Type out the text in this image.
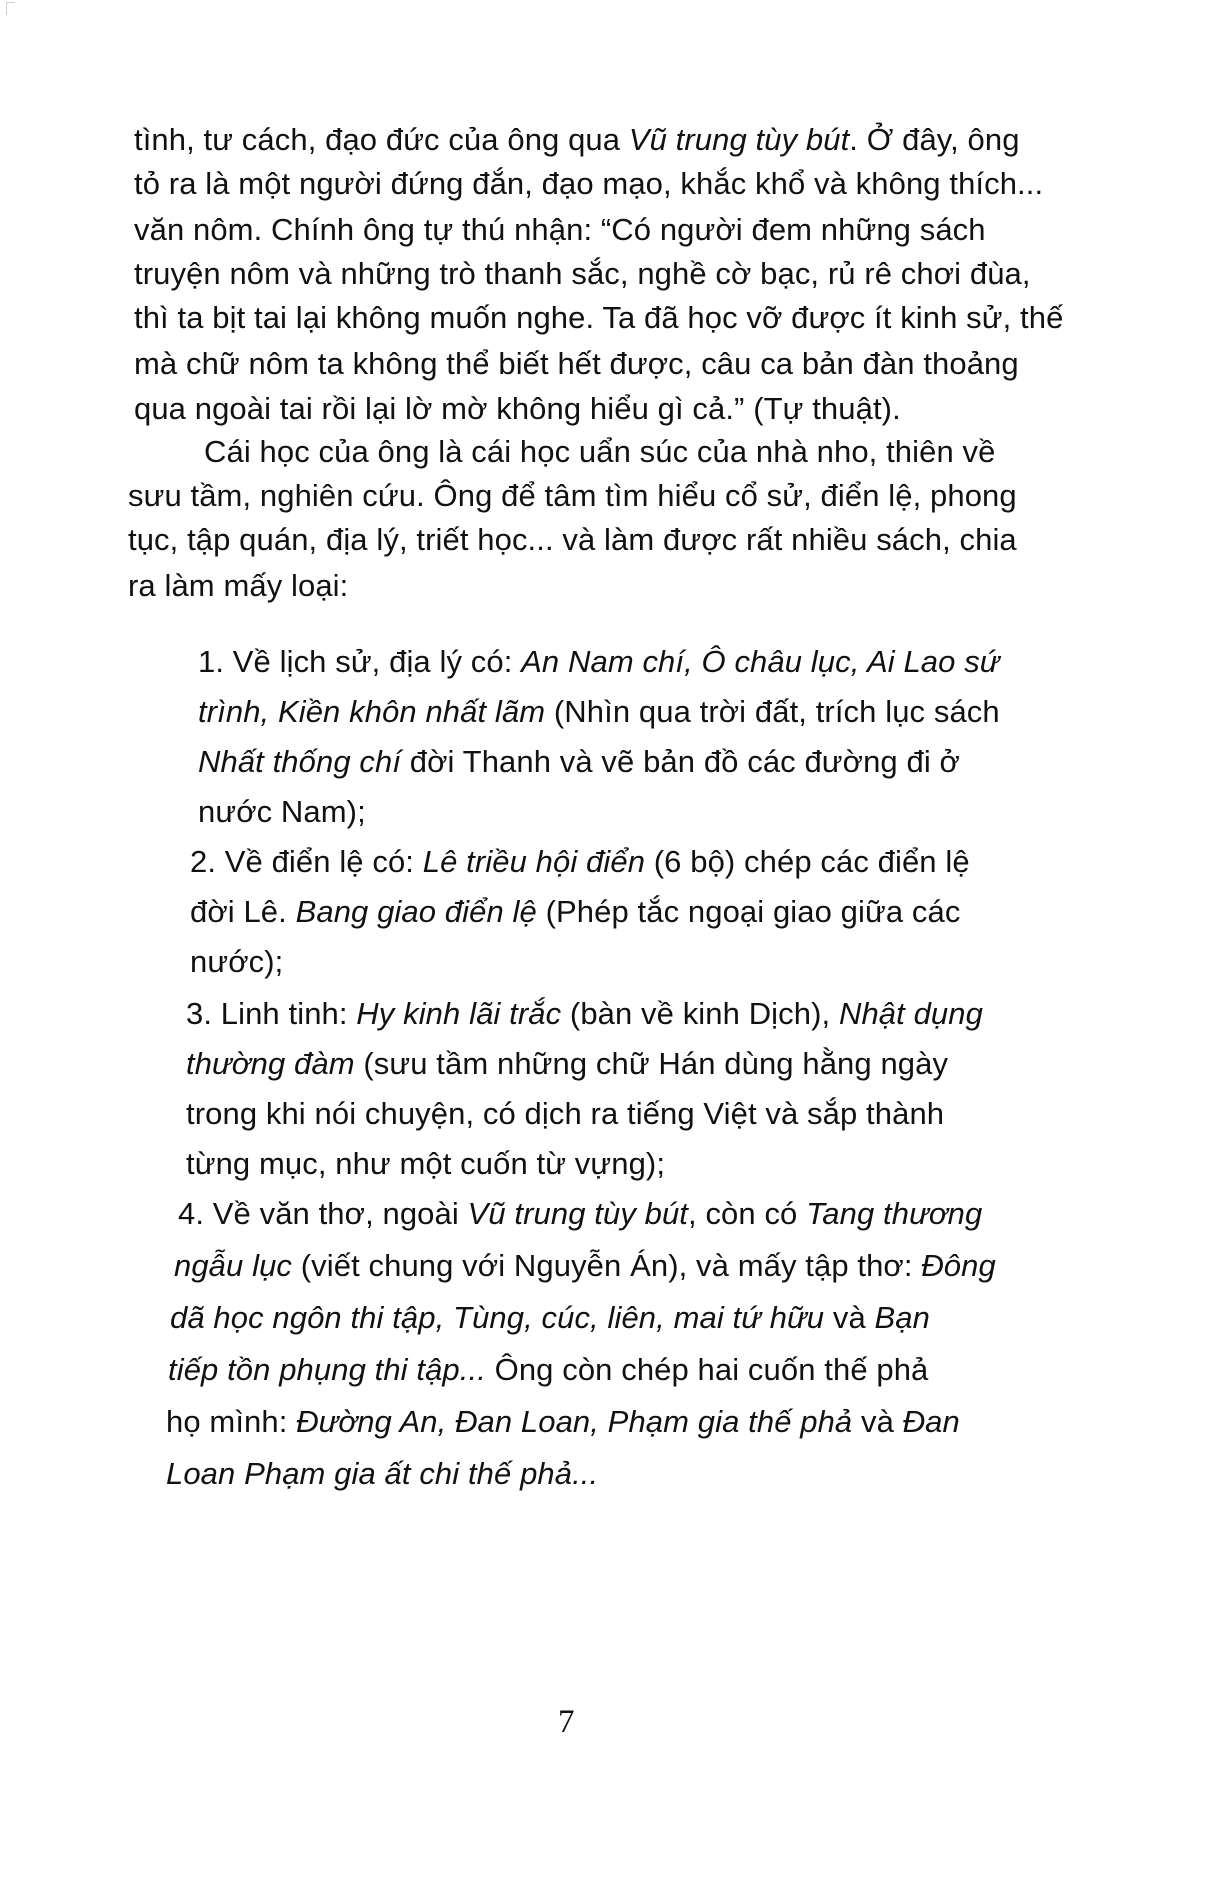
tình, tư cách, đạo đức của ông qua Vũ trung tùy bút. Ở đây, ông
tỏ ra là một người đứng đắn, đạo mạo, khắc khổ và không thích...
văn nôm. Chính ông tự thú nhận: “Có người đem những sách
truyện nôm và những trò thanh sắc, nghề cờ bạc, rủ rê chơi đùa,
thì ta bịt tai lại không muốn nghe. Ta đã học vỡ được ít kinh sử, thế
mà chữ nôm ta không thể biết hết được, câu ca bản đàn thoảng
qua ngoài tai rồi lại lờ mờ không hiểu gì cả.” (Tự thuật).
Cái học của ông là cái học uẩn súc của nhà nho, thiên về
sưu tầm, nghiên cứu. Ông để tâm tìm hiểu cổ sử, điển lệ, phong
tục, tập quán, địa lý, triết học... và làm được rất nhiều sách, chia
ra làm mấy loại:
1. Về lịch sử, địa lý có: An Nam chí, Ô châu lục, Ai Lao sứ
trình, Kiền khôn nhất lãm (Nhìn qua trời đất, trích lục sách
Nhất thống chí đời Thanh và vẽ bản đồ các đường đi ở
nước Nam);
2. Về điển lệ có: Lê triều hội điển (6 bộ) chép các điển lệ
đời Lê. Bang giao điển lệ (Phép tắc ngoại giao giữa các
nước);
3. Linh tinh: Hy kinh lãi trắc (bàn về kinh Dịch), Nhật dụng
thường đàm (sưu tầm những chữ Hán dùng hằng ngày
trong khi nói chuyện, có dịch ra tiếng Việt và sắp thành
từng mục, như một cuốn từ vựng);
4. Về văn thơ, ngoài Vũ trung tùy bút, còn có Tang thương
ngẫu lục (viết chung với Nguyễn Án), và mấy tập thơ: Đông
dã học ngôn thi tập, Tùng, cúc, liên, mai tứ hữu và Bạn
tiếp tồn phụng thi tập... Ông còn chép hai cuốn thế phả
họ mình: Đường An, Đan Loan, Phạm gia thế phả và Đan
Loan Phạm gia ất chi thế phả...
7
